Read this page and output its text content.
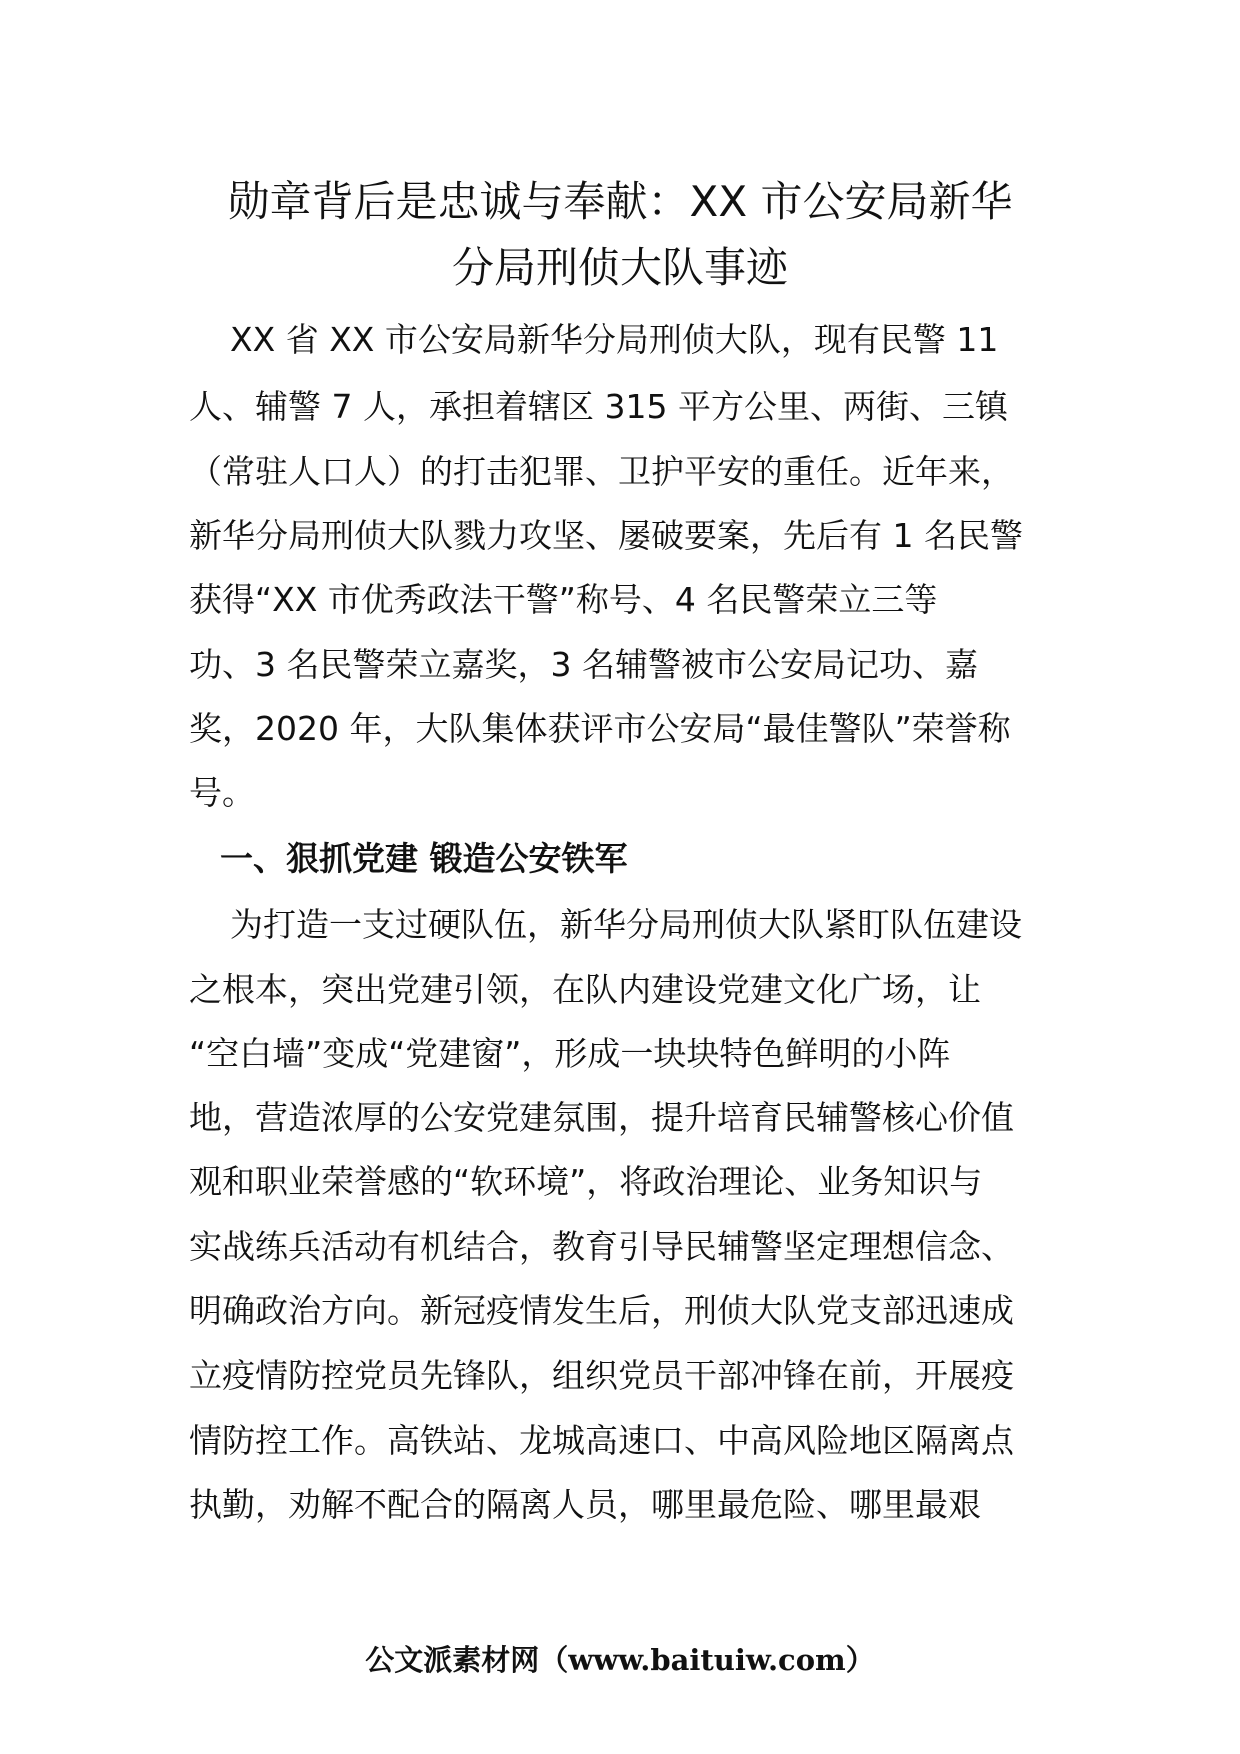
勋章背后是忠诚与奉献：XX 市公安局新华
分局刑侦大队事迹

XX 省 XX 市公安局新华分局刑侦大队，现有民警 11

人、辅警 7 人，承担着辖区 315 平方公里、两街、三镇

（常驻人口人）的打击犯罪、卫护平安的重任。近年来，

新华分局刑侦大队戮力攻坚、屡破要案，先后有 1 名民警

获得“XX 市优秀政法干警”称号、4 名民警荣立三等

功、3 名民警荣立嘉奖，3 名辅警被市公安局记功、嘉

奖，2020 年，大队集体获评市公安局“最佳警队”荣誉称

号。

一、狠抓党建 锻造公安铁军

为打造一支过硬队伍，新华分局刑侦大队紧盯队伍建设

之根本，突出党建引领，在队内建设党建文化广场，让

“空白墙”变成“党建窗”，形成一块块特色鲜明的小阵

地，营造浓厚的公安党建氛围，提升培育民辅警核心价值

观和职业荣誉感的“软环境”，将政治理论、业务知识与

实战练兵活动有机结合，教育引导民辅警坚定理想信念、

明确政治方向。新冠疫情发生后，刑侦大队党支部迅速成

立疫情防控党员先锋队，组织党员干部冲锋在前，开展疫

情防控工作。高铁站、龙城高速口、中高风险地区隔离点

执勤，劝解不配合的隔离人员，哪里最危险、哪里最艰

公文派素材网（www.baituiw.com）
